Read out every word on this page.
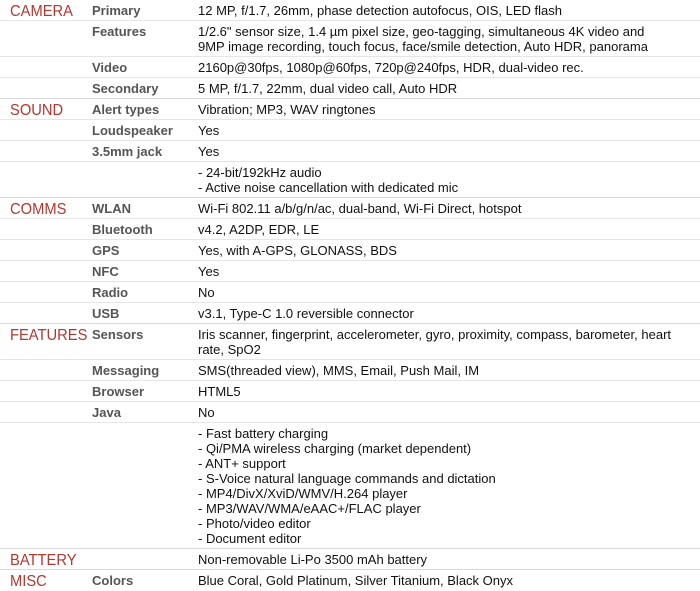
CAMERA Primary	12 MP, f/1.7, 26mm, phase detection autofocus, OIS, LED flash
Features	1/2.6" sensor size, 1.4 µm pixel size, geo-tagging, simultaneous 4K video and
9MP image recording, touch focus, face/smile detection, Auto HDR, panorama
Video	2160p@30fps, 1080p@60fps, 720p@240fps, HDR, dual-video rec.
Secondary	5 MP, f/1.7, 22mm, dual video call, Auto HDR
SOUND Alert types	Vibration; MP3, WAV ringtones
Loudspeaker	Yes
3.5mm jack	Yes
- 24-bit/192kHz audio
- Active noise cancellation with dedicated mic
COMMS WLAN	Wi-Fi 802.11 a/b/g/n/ac, dual-band, Wi-Fi Direct, hotspot
Bluetooth	v4.2, A2DP, EDR, LE
GPS	Yes, with A-GPS, GLONASS, BDS
NFC	Yes
Radio	No
USB	v3.1, Type-C 1.0 reversible connector
FEATURES Sensors	Iris scanner, fingerprint, accelerometer, gyro, proximity, compass, barometer, heart
rate, SpO2
Messaging	SMS(threaded view), MMS, Email, Push Mail, IM
Browser	HTML5
Java	No
- Fast battery charging
- Qi/PMA wireless charging (market dependent)
- ANT+ support
- S-Voice natural language commands and dictation
- MP4/DivX/XviD/WMV/H.264 player
- MP3/WAV/WMA/eAAC+/FLAC player
- Photo/video editor
- Document editor
BATTERY	Non-removable Li-Po 3500 mAh battery
MISC	Colors	Blue Coral, Gold Platinum, Silver Titanium, Black Onyx
